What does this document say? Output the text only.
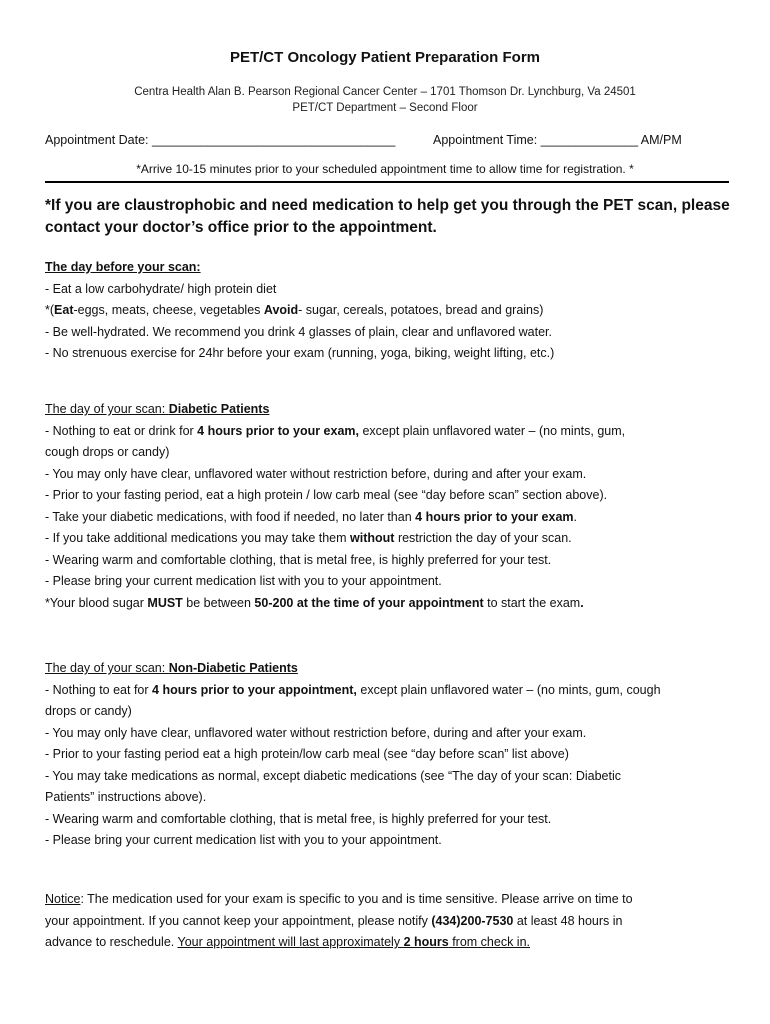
PET/CT Oncology Patient Preparation Form
Centra Health Alan B. Pearson Regional Cancer Center – 1701 Thomson Dr. Lynchburg, Va 24501
PET/CT Department – Second Floor
Appointment Date: ___________________________________	Appointment Time: ______________ AM/PM
*Arrive 10-15 minutes prior to your scheduled appointment time to allow time for registration. *
*If you are claustrophobic and need medication to help get you through the PET scan, please
contact your doctor’s office prior to the appointment.
The day before your scan:
- Eat a low carbohydrate/ high protein diet
*(Eat-eggs, meats, cheese, vegetables Avoid- sugar, cereals, potatoes, bread and grains)
- Be well-hydrated. We recommend you drink 4 glasses of plain, clear and unflavored water.
- No strenuous exercise for 24hr before your exam (running, yoga, biking, weight lifting, etc.)
The day of your scan: Diabetic Patients
- Nothing to eat or drink for 4 hours prior to your exam, except plain unflavored water – (no mints, gum,
cough drops or candy)
- You may only have clear, unflavored water without restriction before, during and after your exam.
- Prior to your fasting period, eat a high protein / low carb meal (see “day before scan” section above).
- Take your diabetic medications, with food if needed, no later than 4 hours prior to your exam.
- If you take additional medications you may take them without restriction the day of your scan.
- Wearing warm and comfortable clothing, that is metal free, is highly preferred for your test.
- Please bring your current medication list with you to your appointment.
*Your blood sugar MUST be between 50-200 at the time of your appointment to start the exam.
The day of your scan: Non-Diabetic Patients
- Nothing to eat for 4 hours prior to your appointment, except plain unflavored water – (no mints, gum, cough
drops or candy)
- You may only have clear, unflavored water without restriction before, during and after your exam.
- Prior to your fasting period eat a high protein/low carb meal (see “day before scan” list above)
- You may take medications as normal, except diabetic medications (see “The day of your scan: Diabetic
Patients” instructions above).
- Wearing warm and comfortable clothing, that is metal free, is highly preferred for your test.
- Please bring your current medication list with you to your appointment.
Notice: The medication used for your exam is specific to you and is time sensitive. Please arrive on time to
your appointment. If you cannot keep your appointment, please notify (434)200-7530 at least 48 hours in
advance to reschedule. Your appointment will last approximately 2 hours from check in.
